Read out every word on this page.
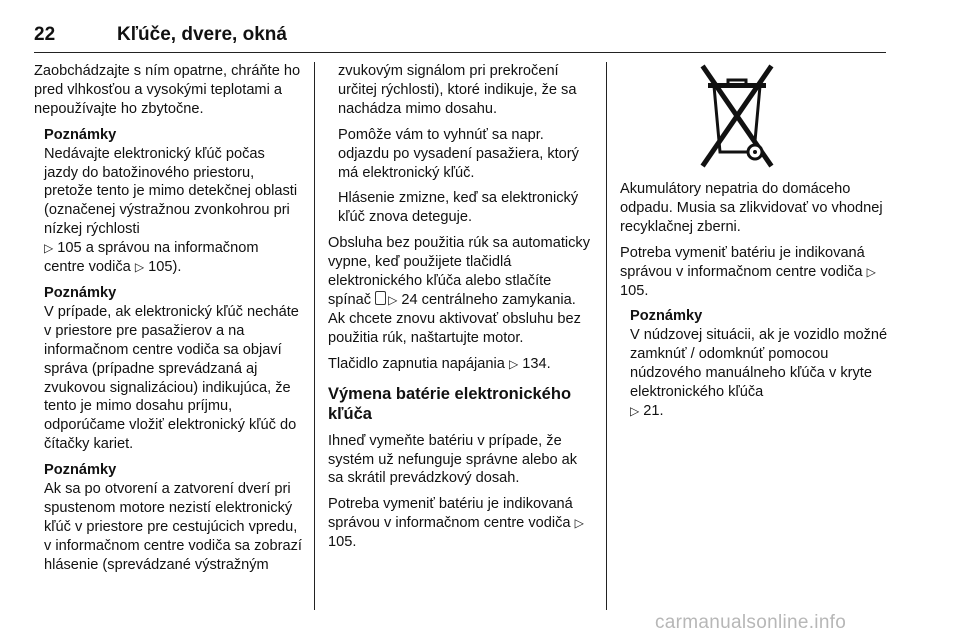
22	Kľúče, dvere, okná

Zaobchádzajte s ním opatrne, chráňte ho pred vlhkosťou a vysokými teplotami a nepoužívajte ho zbytočne.

Poznámky
Nedávajte elektronický kľúč počas jazdy do batožinového priestoru, pretože tento je mimo detekčnej oblasti (označenej výstražnou zvonkohrou pri nízkej rýchlosti
▷ 105 a správou na informačnom centre vodiča ▷ 105).
Poznámky
V prípade, ak elektronický kľúč necháte v priestore pre pasažierov a na informačnom centre vodiča sa objaví správa (prípadne sprevádzaná aj zvukovou signalizáciou) indikujúca, že tento je mimo dosahu príjmu, odporúčame vložiť elektronický kľúč do čítačky kariet.
Poznámky
Ak sa po otvorení a zatvorení dverí pri spustenom motore nezistí elektronický kľúč v priestore pre cestujúcich vpredu, v informačnom centre vodiča sa zobrazí hlásenie (sprevádzané výstražným

zvukovým signálom pri prekročení určitej rýchlosti), ktoré indikuje, že sa nachádza mimo dosahu.

Pomôže vám to vyhnúť sa napr. odjazdu po vysadení pasažiera, ktorý má elektronický kľúč.

Hlásenie zmizne, keď sa elektronický kľúč znova deteguje.

Obsluha bez použitia rúk sa automaticky vypne, keď použijete tlačidlá elektronického kľúča alebo stlačíte spínač ▷ 24 centrálneho zamykania. Ak chcete znovu aktivovať obsluhu bez použitia rúk, naštartujte motor.

Tlačidlo zapnutia napájania ▷ 134.

Výmena batérie elektronického kľúča

Ihneď vymeňte batériu v prípade, že systém už nefunguje správne alebo ak sa skrátil prevádzkový dosah.

Potreba vymeniť batériu je indikovaná správou v informačnom centre vodiča ▷ 105.

Akumulátory nepatria do domáceho odpadu. Musia sa zlikvidovať vo vhodnej recyklačnej zberni.

Potreba vymeniť batériu je indikovaná správou v informačnom centre vodiča ▷ 105.

Poznámky
V núdzovej situácii, ak je vozidlo možné zamknúť / odomknúť pomocou núdzového manuálneho kľúča v kryte elektronického kľúča
▷ 21.
carmanualsonline.info
